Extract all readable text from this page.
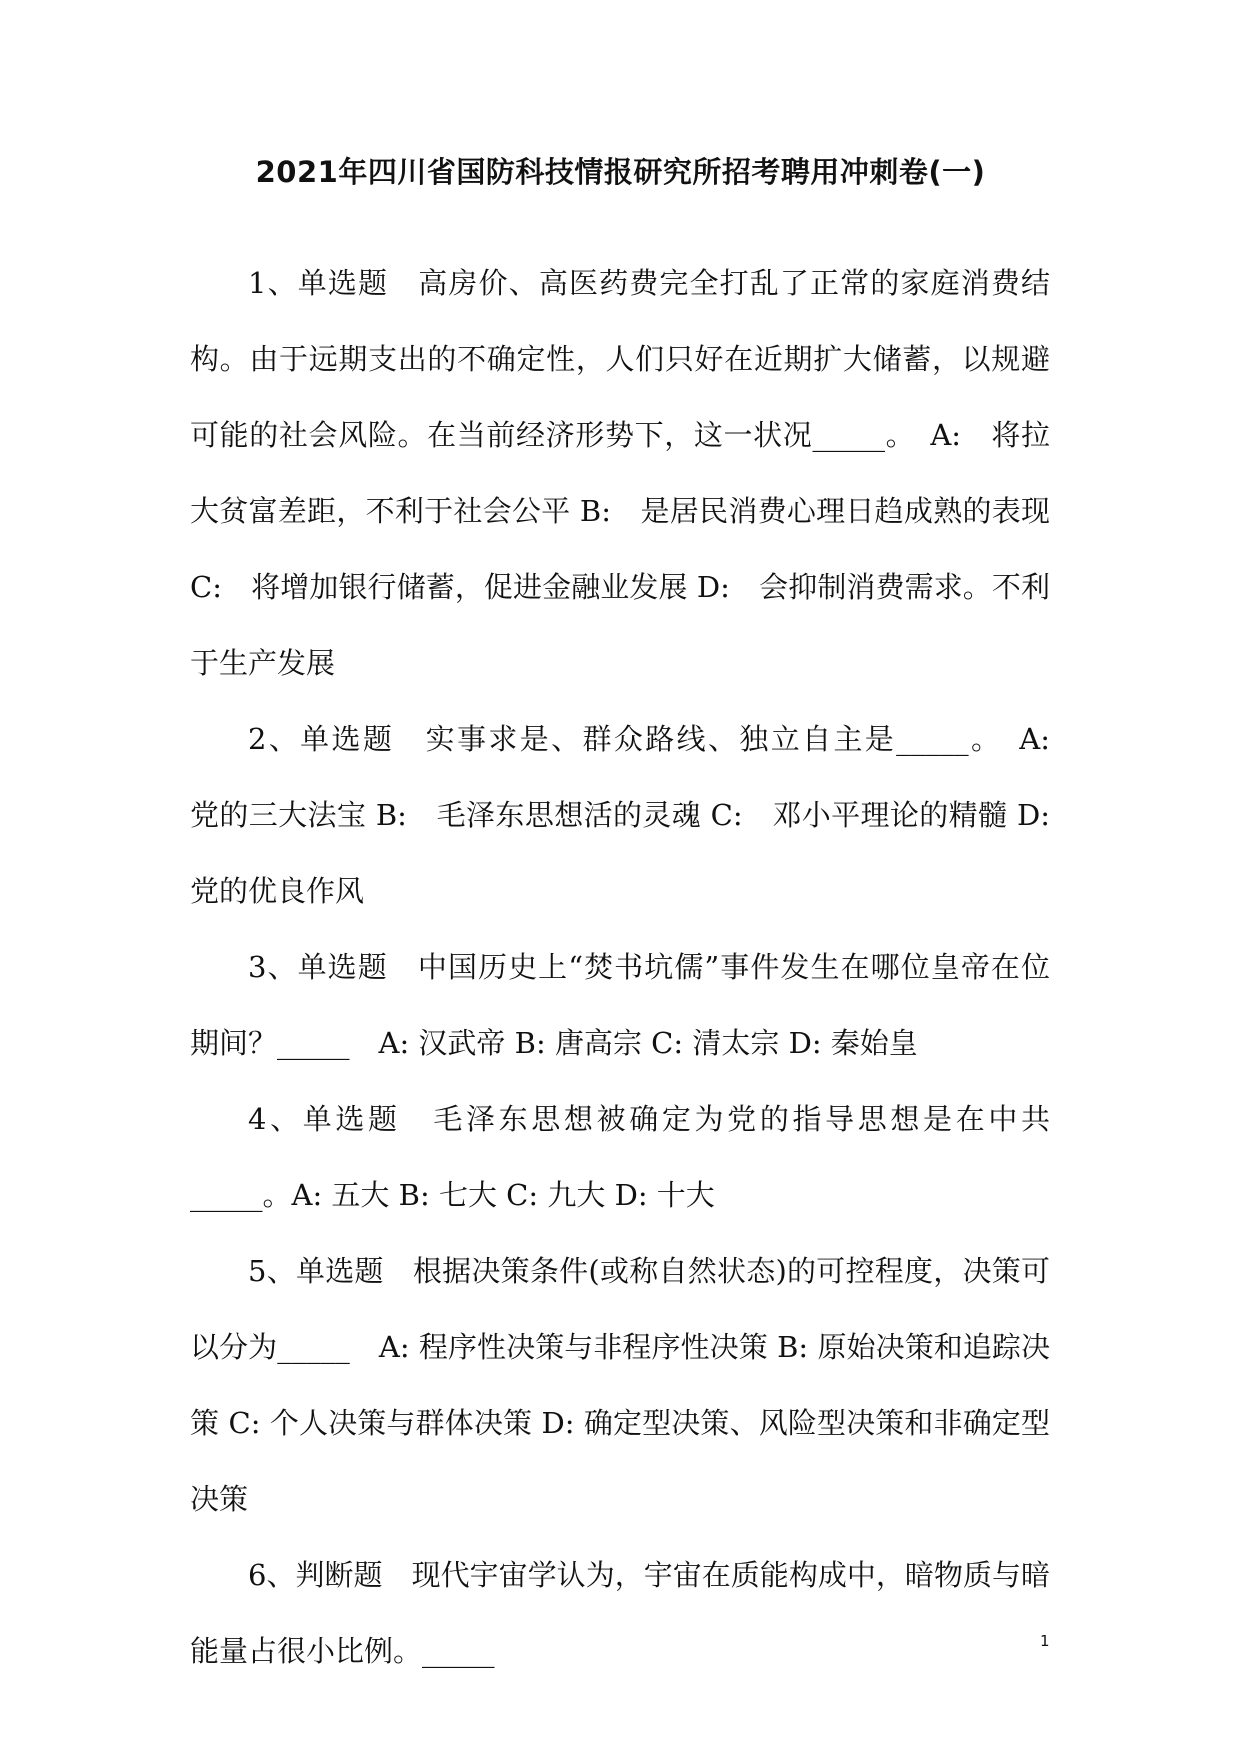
2021年四川省国防科技情报研究所招考聘用冲刺卷(一)

1、单选题　高房价、高医药费完全打乱了正常的家庭消费结构。由于远期支出的不确定性，人们只好在近期扩大储蓄，以规避可能的社会风险。在当前经济形势下，这一状况_____。　A:　将拉大贫富差距，不利于社会公平 B:　是居民消费心理日趋成熟的表现 C:　将增加银行储蓄，促进金融业发展 D:　会抑制消费需求。不利于生产发展

2、单选题　实事求是、群众路线、独立自主是_____。　A:　党的三大法宝 B:　毛泽东思想活的灵魂 C:　邓小平理论的精髓 D:　党的优良作风

3、单选题　中国历史上“焚书坑儒”事件发生在哪位皇帝在位期间？_____　A: 汉武帝 B: 唐高宗 C: 清太宗 D: 秦始皇

4、单选题　毛泽东思想被确定为党的指导思想是在中共_____。A: 五大 B: 七大 C: 九大 D: 十大

5、单选题　根据决策条件(或称自然状态)的可控程度，决策可以分为_____　A: 程序性决策与非程序性决策 B: 原始决策和追踪决策 C: 个人决策与群体决策 D: 确定型决策、风险型决策和非确定型决策

6、判断题　现代宇宙学认为，宇宙在质能构成中，暗物质与暗能量占很小比例。_____	1
